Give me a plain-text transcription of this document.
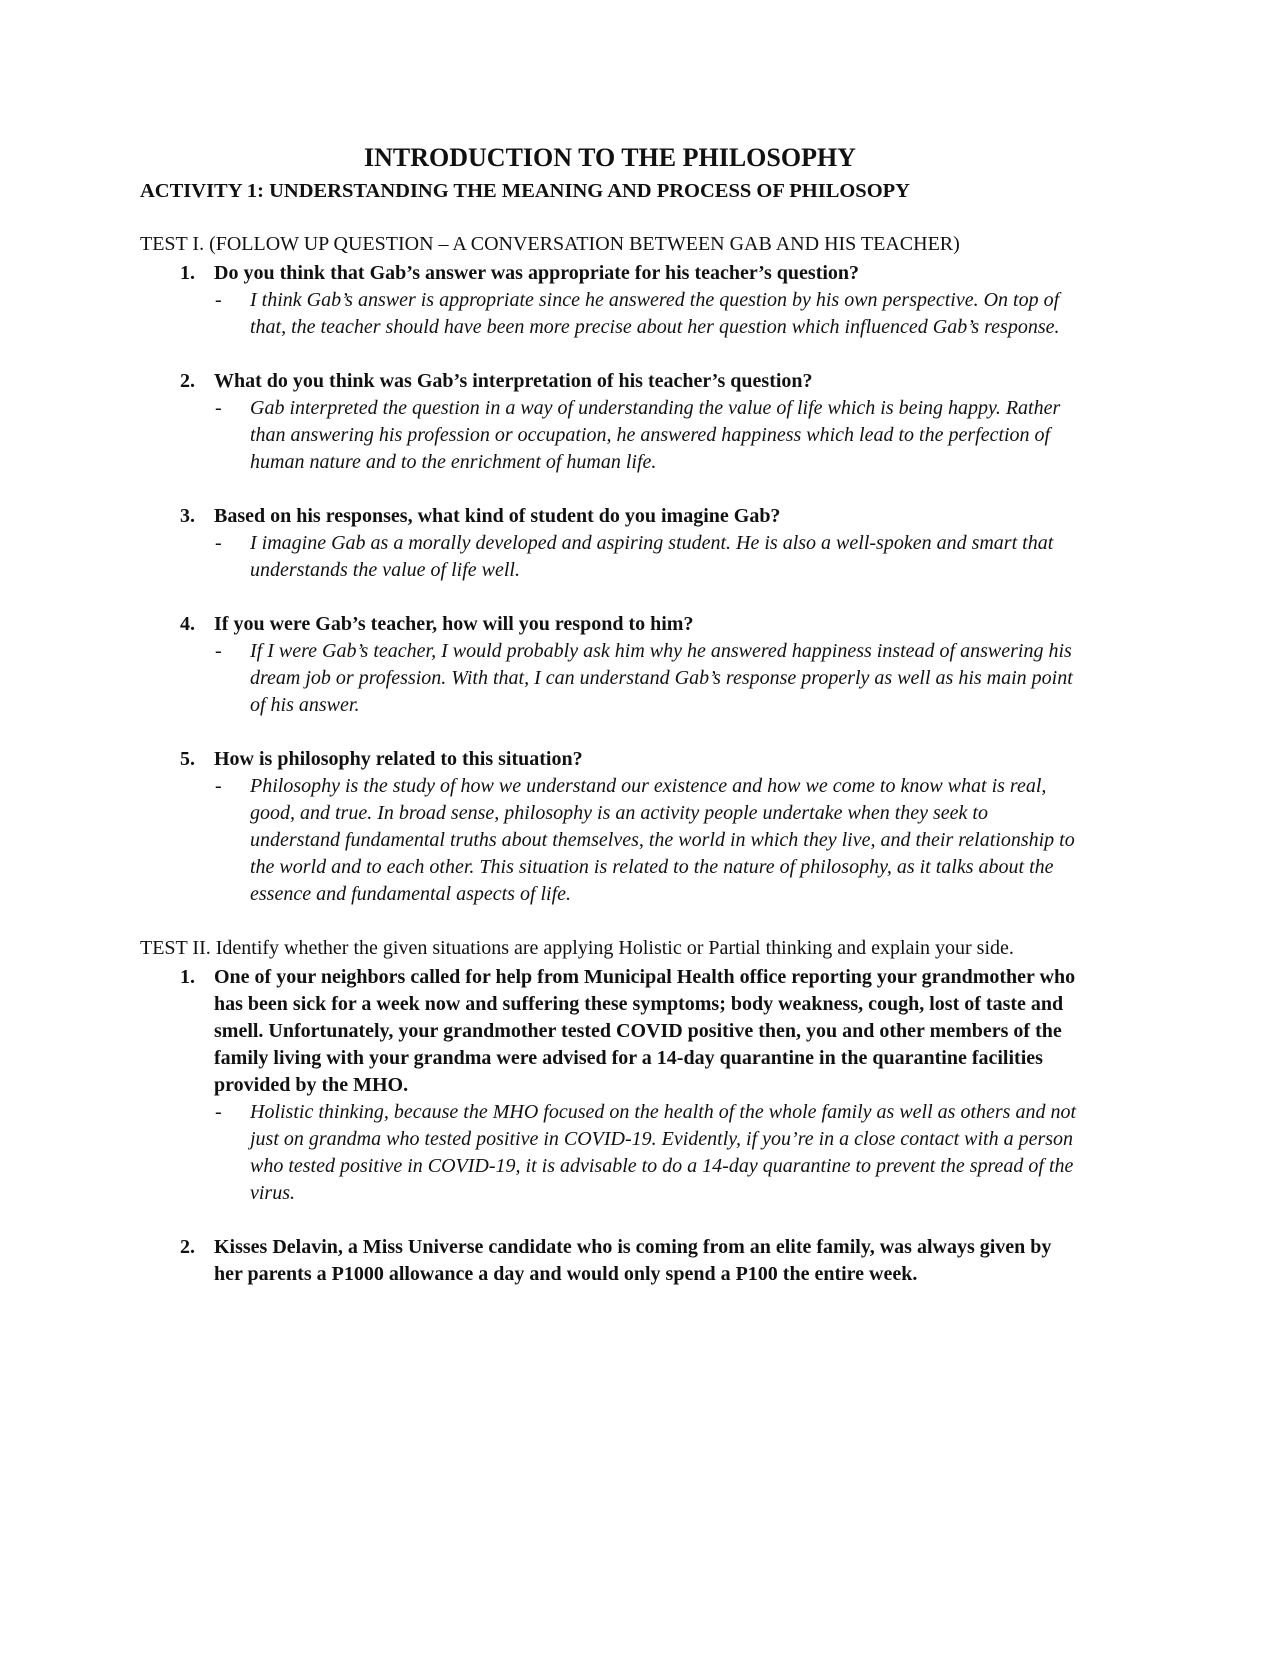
INTRODUCTION TO THE PHILOSOPHY
ACTIVITY 1: UNDERSTANDING THE MEANING AND PROCESS OF PHILOSOPY
TEST I. (FOLLOW UP QUESTION – A CONVERSATION BETWEEN GAB AND HIS TEACHER)
1. Do you think that Gab’s answer was appropriate for his teacher’s question?
-	I think Gab’s answer is appropriate since he answered the question by his own perspective. On top of that, the teacher should have been more precise about her question which influenced Gab’s response.
2. What do you think was Gab’s interpretation of his teacher’s question?
-	Gab interpreted the question in a way of understanding the value of life which is being happy. Rather than answering his profession or occupation, he answered happiness which lead to the perfection of human nature and to the enrichment of human life.
3. Based on his responses, what kind of student do you imagine Gab?
-	I imagine Gab as a morally developed and aspiring student. He is also a well-spoken and smart that understands the value of life well.
4. If you were Gab’s teacher, how will you respond to him?
-	If I were Gab’s teacher, I would probably ask him why he answered happiness instead of answering his dream job or profession. With that, I can understand Gab’s response properly as well as his main point of his answer.
5. How is philosophy related to this situation?
-	Philosophy is the study of how we understand our existence and how we come to know what is real, good, and true. In broad sense, philosophy is an activity people undertake when they seek to understand fundamental truths about themselves, the world in which they live, and their relationship to the world and to each other. This situation is related to the nature of philosophy, as it talks about the essence and fundamental aspects of life.
TEST II. Identify whether the given situations are applying Holistic or Partial thinking and explain your side.
1. One of your neighbors called for help from Municipal Health office reporting your grandmother who has been sick for a week now and suffering these symptoms; body weakness, cough, lost of taste and smell. Unfortunately, your grandmother tested COVID positive then, you and other members of the family living with your grandma were advised for a 14-day quarantine in the quarantine facilities provided by the MHO.
-	Holistic thinking, because the MHO focused on the health of the whole family as well as others and not just on grandma who tested positive in COVID-19. Evidently, if you’re in a close contact with a person who tested positive in COVID-19, it is advisable to do a 14-day quarantine to prevent the spread of the virus.
2. Kisses Delavin, a Miss Universe candidate who is coming from an elite family, was always given by her parents a P1000 allowance a day and would only spend a P100 the entire week.
